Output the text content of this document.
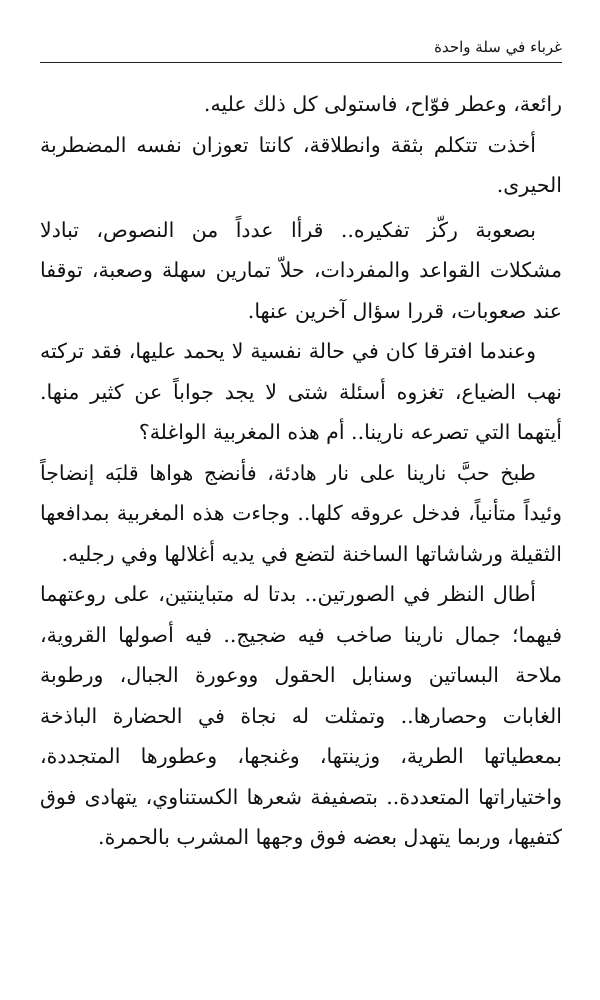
غرباء في سلة واحدة

رائعة، وعطر فوّاح، فاستولى كل ذلك عليه.

أخذت تتكلم بثقة وانطلاقة، كانتا تعوزان نفسه المضطربة الحيرى.

بصعوبة ركّز تفكيره.. قرأا عدداً من النصوص، تبادلا مشكلات القواعد والمفردات، حلاّ تمارين سهلة وصعبة، توقفا عند صعوبات، قررا سؤال آخرين عنها.

وعندما افترقا كان في حالة نفسية لا يحمد عليها، فقد تركته نهب الضياع، تغزوه أسئلة شتى لا يجد جواباً عن كثير منها. أيتهما التي تصرعه نارينا.. أم هذه المغربية الواغلة؟

طبخ حبَّ نارينا على نار هادئة، فأنضج هواها قلبَه إنضاجاً وئيداً متأنياً، فدخل عروقه كلها.. وجاءت هذه المغربية بمدافعها الثقيلة ورشاشاتها الساخنة لتضع في يديه أغلالها وفي رجليه.

أطال النظر في الصورتين.. بدتا له متباينتين، على روعتهما فيهما؛ جمال نارينا صاخب فيه ضجيج.. فيه أصولها القروية، ملاحة البساتين وسنابل الحقول ووعورة الجبال، ورطوبة الغابات وحصارها.. وتمثلت له نجاة في الحضارة الباذخة بمعطياتها الطرية، وزينتها، وغنجها، وعطورها المتجددة، واختياراتها المتعددة.. بتصفيفة شعرها الكستناوي، يتهادى فوق كتفيها، وربما يتهدل بعضه فوق وجهها المشرب بالحمرة.
